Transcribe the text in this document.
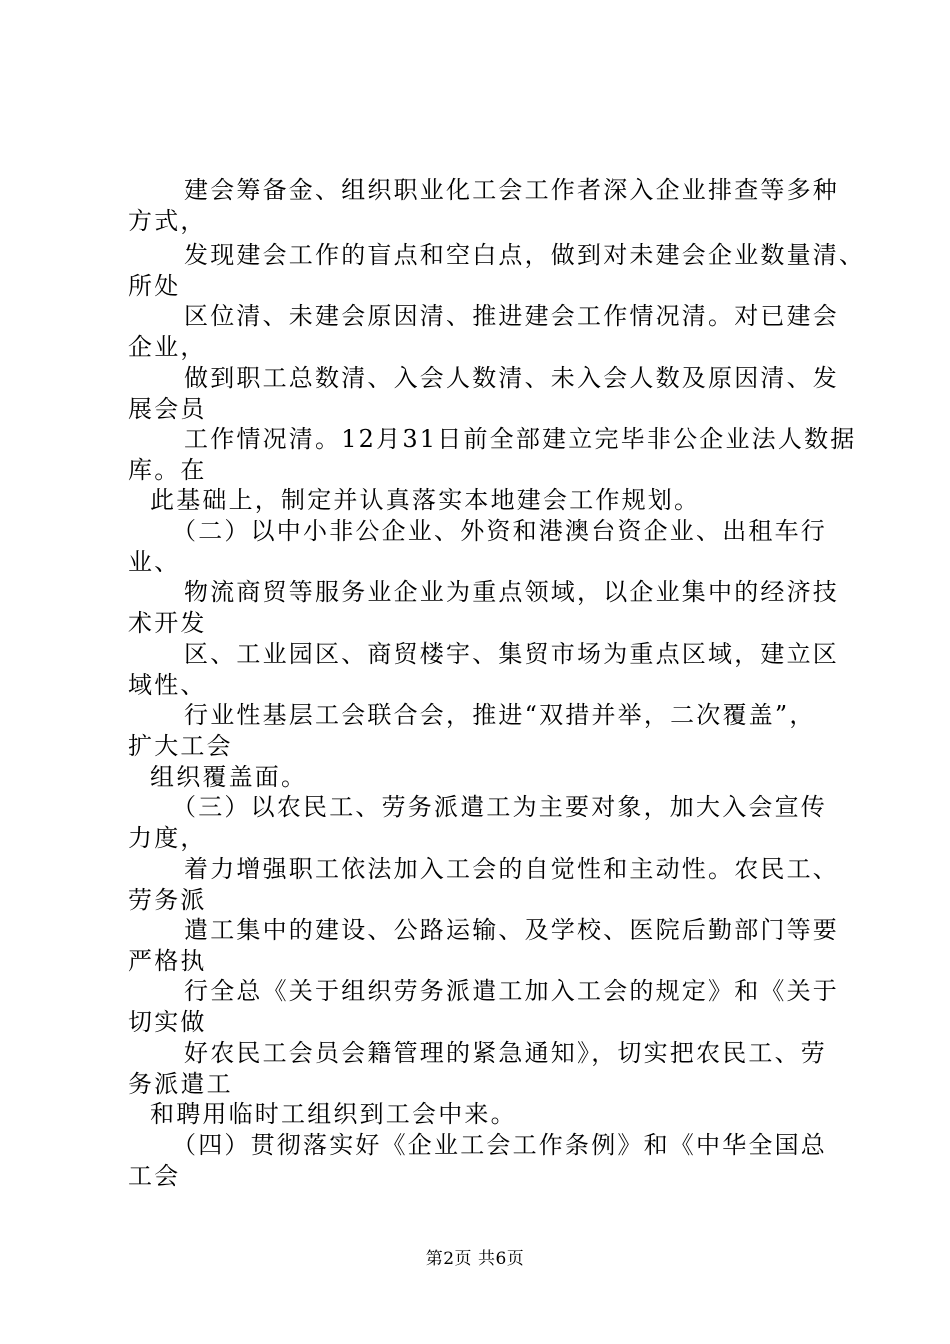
建会筹备金、组织职业化工会工作者深入企业排查等多种
方式，
发现建会工作的盲点和空白点，做到对未建会企业数量清、
所处
区位清、未建会原因清、推进建会工作情况清。对已建会
企业，
做到职工总数清、入会人数清、未入会人数及原因清、发
展会员
工作情况清。12月31日前全部建立完毕非公企业法人数据
库。在
此基础上，制定并认真落实本地建会工作规划。
（二）以中小非公企业、外资和港澳台资企业、出租车行
业、
物流商贸等服务业企业为重点领域，以企业集中的经济技
术开发
区、工业园区、商贸楼宇、集贸市场为重点区域，建立区
域性、
行业性基层工会联合会，推进“双措并举，二次覆盖”，
扩大工会
组织覆盖面。
（三）以农民工、劳务派遣工为主要对象，加大入会宣传
力度，
着力增强职工依法加入工会的自觉性和主动性。农民工、
劳务派
遣工集中的建设、公路运输、及学校、医院后勤部门等要
严格执
行全总《关于组织劳务派遣工加入工会的规定》和《关于
切实做
好农民工会员会籍管理的紧急通知》，切实把农民工、劳
务派遣工
和聘用临时工组织到工会中来。
（四）贯彻落实好《企业工会工作条例》和《中华全国总
工会
第2页 共6页
